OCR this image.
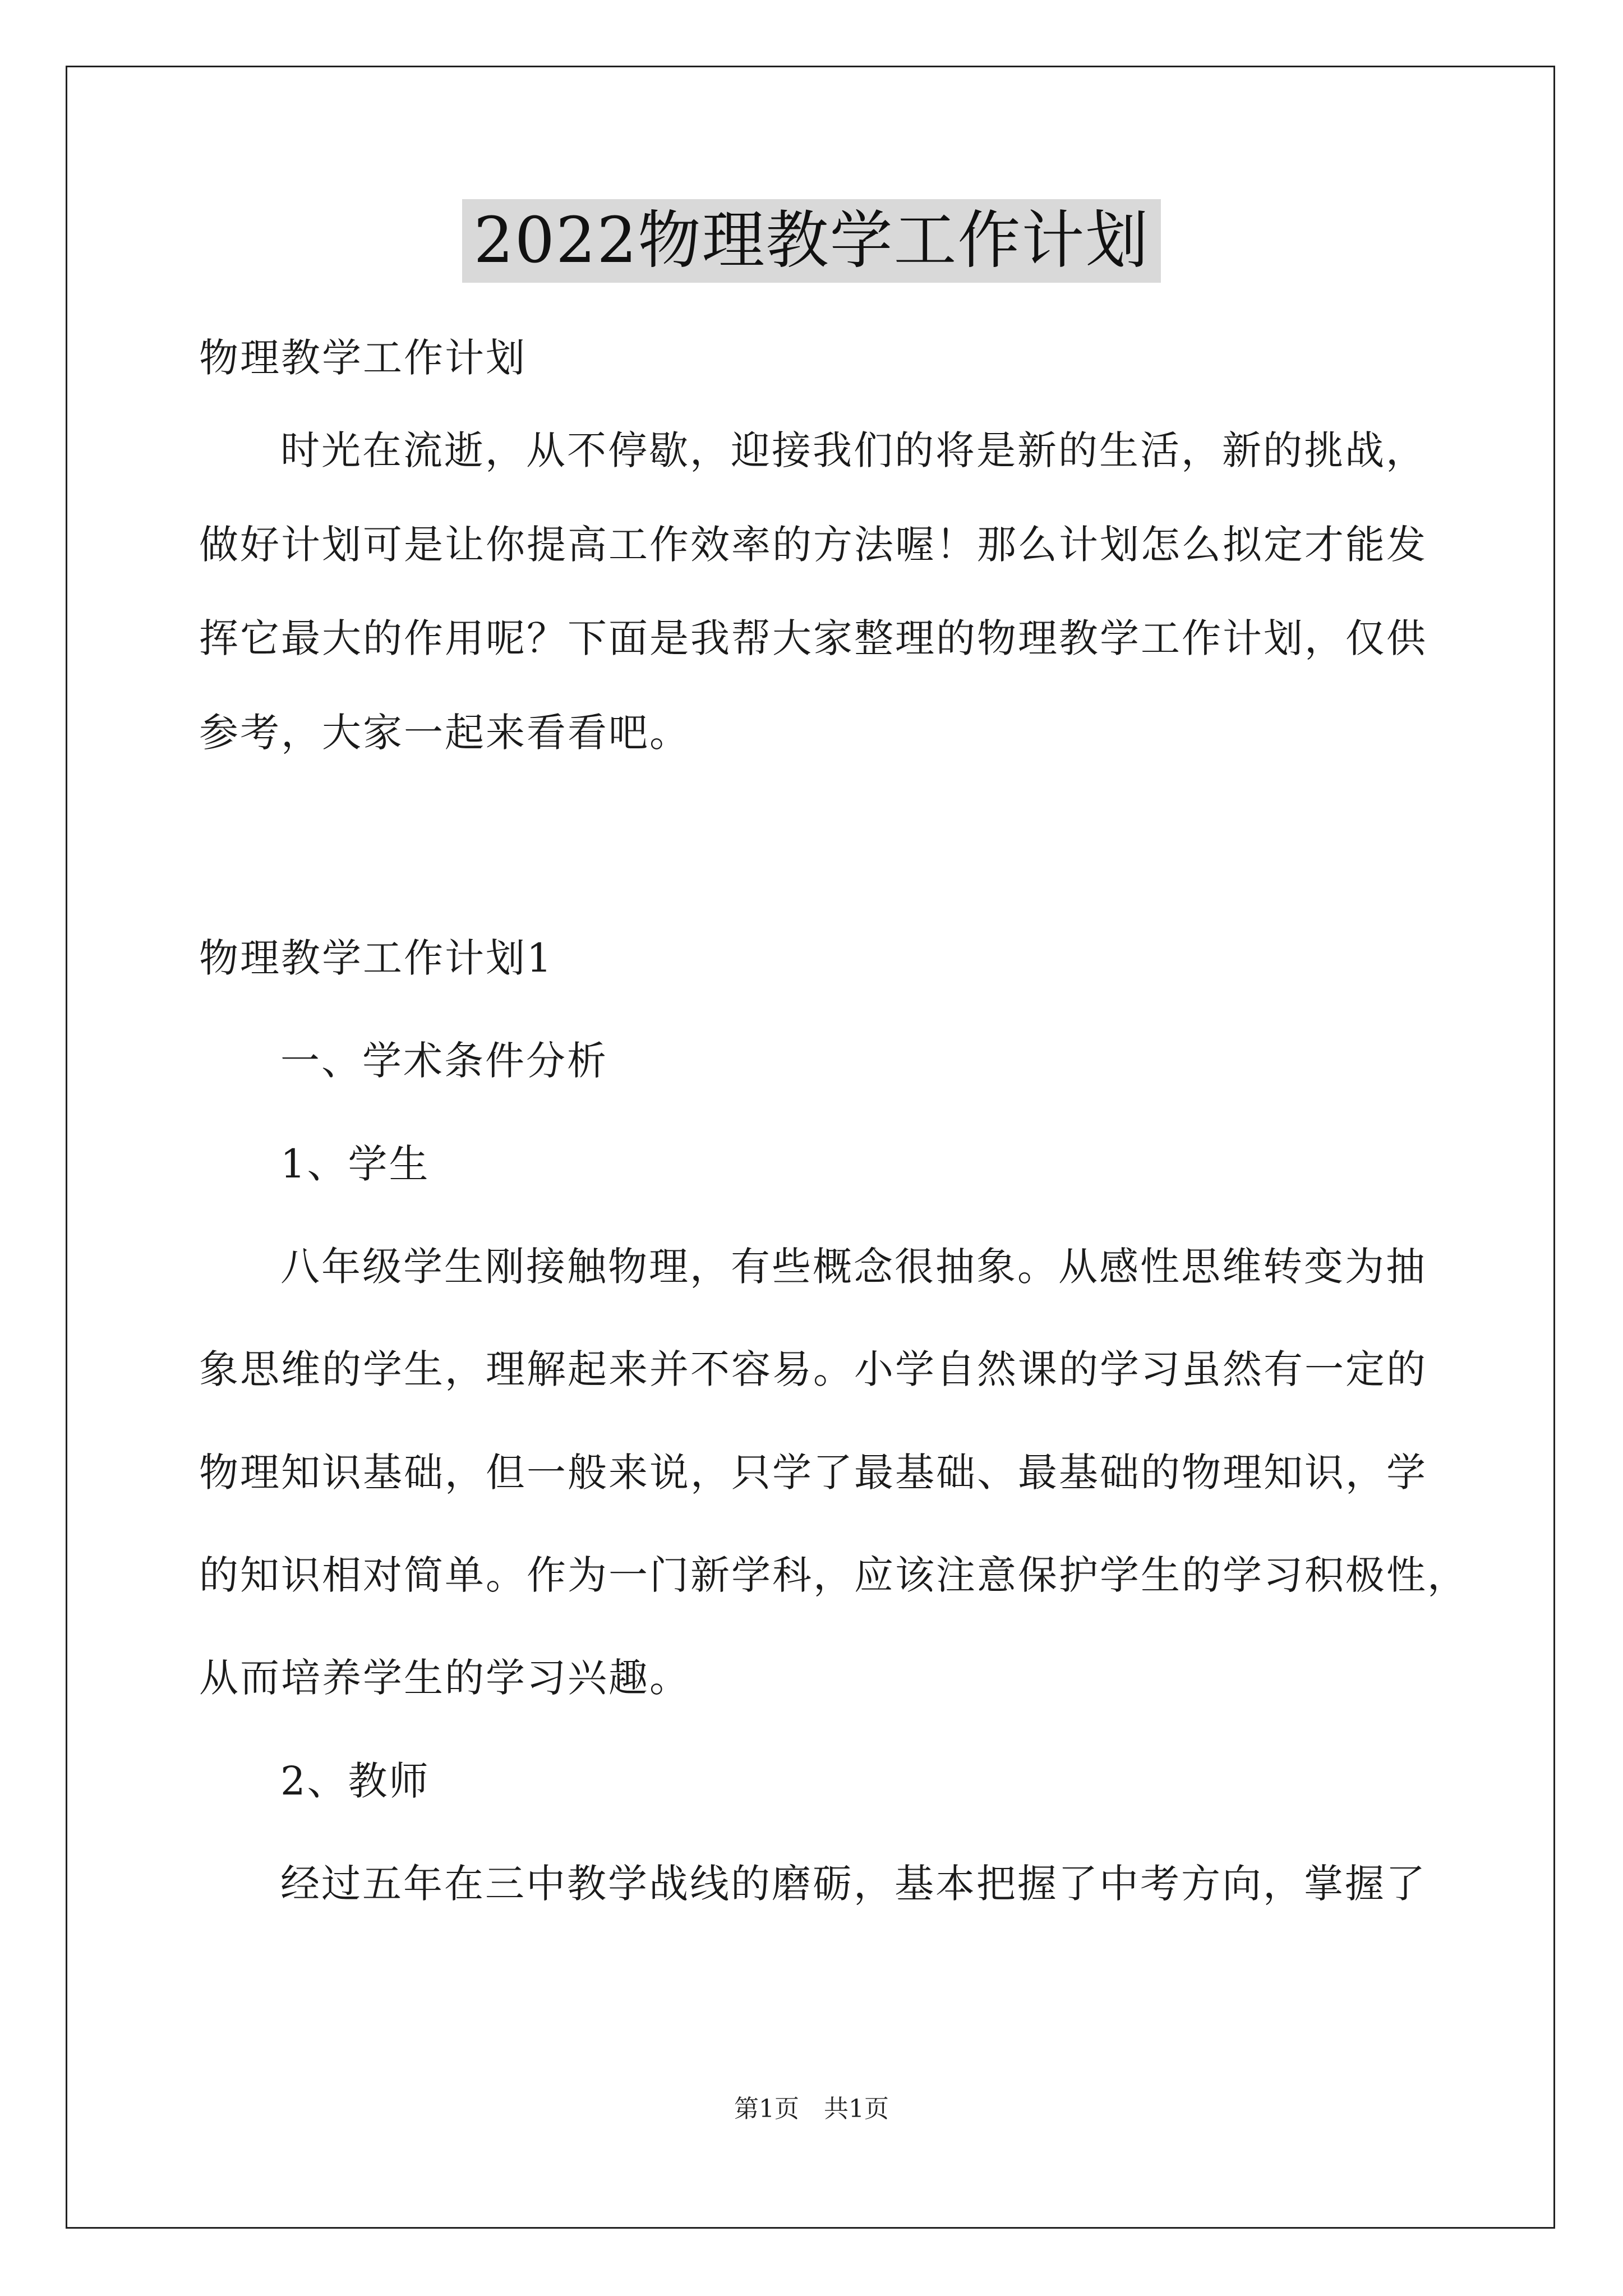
2022物理教学工作计划
物理教学工作计划
时光在流逝，从不停歇，迎接我们的将是新的生活，新的挑战，
做好计划可是让你提高工作效率的方法喔！那么计划怎么拟定才能发
挥它最大的作用呢？下面是我帮大家整理的物理教学工作计划，仅供
参考，大家一起来看看吧。
物理教学工作计划1
一、学术条件分析
1、学生
八年级学生刚接触物理，有些概念很抽象。从感性思维转变为抽
象思维的学生，理解起来并不容易。小学自然课的学习虽然有一定的
物理知识基础，但一般来说，只学了最基础、最基础的物理知识，学
的知识相对简单。作为一门新学科，应该注意保护学生的学习积极性，
从而培养学生的学习兴趣。
2、教师
经过五年在三中教学战线的磨砺，基本把握了中考方向，掌握了
第1页 共1页
